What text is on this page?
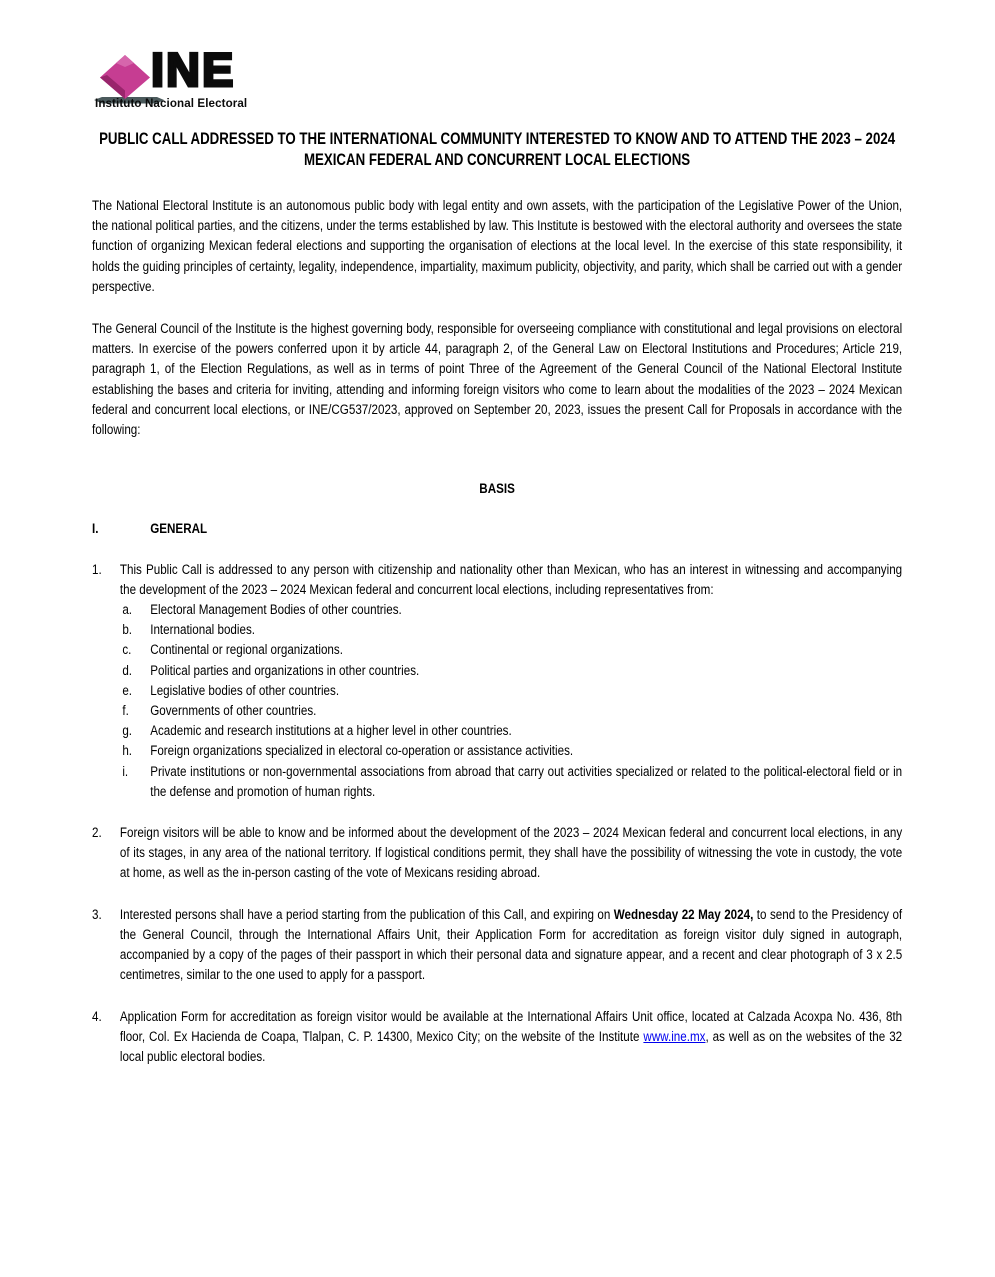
INE
Instituto Nacional Electoral
PUBLIC CALL ADDRESSED TO THE INTERNATIONAL COMMUNITY INTERESTED TO KNOW AND TO ATTEND THE 2023 – 2024 MEXICAN FEDERAL AND CONCURRENT LOCAL ELECTIONS

The National Electoral Institute is an autonomous public body with legal entity and own assets, with the participation of the Legislative Power of the Union, the national political parties, and the citizens, under the terms established by law. This Institute is bestowed with the electoral authority and oversees the state function of organizing Mexican federal elections and supporting the organisation of elections at the local level. In the exercise of this state responsibility, it holds the guiding principles of certainty, legality, independence, impartiality, maximum publicity, objectivity, and parity, which shall be carried out with a gender perspective.

The General Council of the Institute is the highest governing body, responsible for overseeing compliance with constitutional and legal provisions on electoral matters. In exercise of the powers conferred upon it by article 44, paragraph 2, of the General Law on Electoral Institutions and Procedures; Article 219, paragraph 1, of the Election Regulations, as well as in terms of point Three of the Agreement of the General Council of the National Electoral Institute establishing the bases and criteria for inviting, attending and informing foreign visitors who come to learn about the modalities of the 2023 – 2024 Mexican federal and concurrent local elections, or INE/CG537/2023, approved on September 20, 2023, issues the present Call for Proposals in accordance with the following:

BASIS
I.	GENERAL
1.	This Public Call is addressed to any person with citizenship and nationality other than Mexican, who has an interest in witnessing and accompanying the development of the 2023 – 2024 Mexican federal and concurrent local elections, including representatives from:

a.	Electoral Management Bodies of other countries.

b.	International bodies.

c.	Continental or regional organizations.

d.	Political parties and organizations in other countries.

e.	Legislative bodies of other countries.

f.	Governments of other countries.

g.	Academic and research institutions at a higher level in other countries.

h.	Foreign organizations specialized in electoral co-operation or assistance activities.

i.	Private institutions or non-governmental associations from abroad that carry out activities specialized or related to the political-electoral field or in the defense and promotion of human rights.

2.	Foreign visitors will be able to know and be informed about the development of the 2023 – 2024 Mexican federal and concurrent local elections, in any of its stages, in any area of the national territory. If logistical conditions permit, they shall have the possibility of witnessing the vote in custody, the vote at home, as well as the in-person casting of the vote of Mexicans residing abroad.

3.	Interested persons shall have a period starting from the publication of this Call, and expiring on Wednesday 22 May 2024, to send to the Presidency of the General Council, through the International Affairs Unit, their Application Form for accreditation as foreign visitor duly signed in autograph, accompanied by a copy of the pages of their passport in which their personal data and signature appear, and a recent and clear photograph of 3 x 2.5 centimetres, similar to the one used to apply for a passport.

4.	Application Form for accreditation as foreign visitor would be available at the International Affairs Unit office, located at Calzada Acoxpa No. 436, 8th floor, Col. Ex Hacienda de Coapa, Tlalpan, C. P. 14300, Mexico City; on the website of the Institute www.ine.mx, as well as on the websites of the 32 local public electoral bodies.
